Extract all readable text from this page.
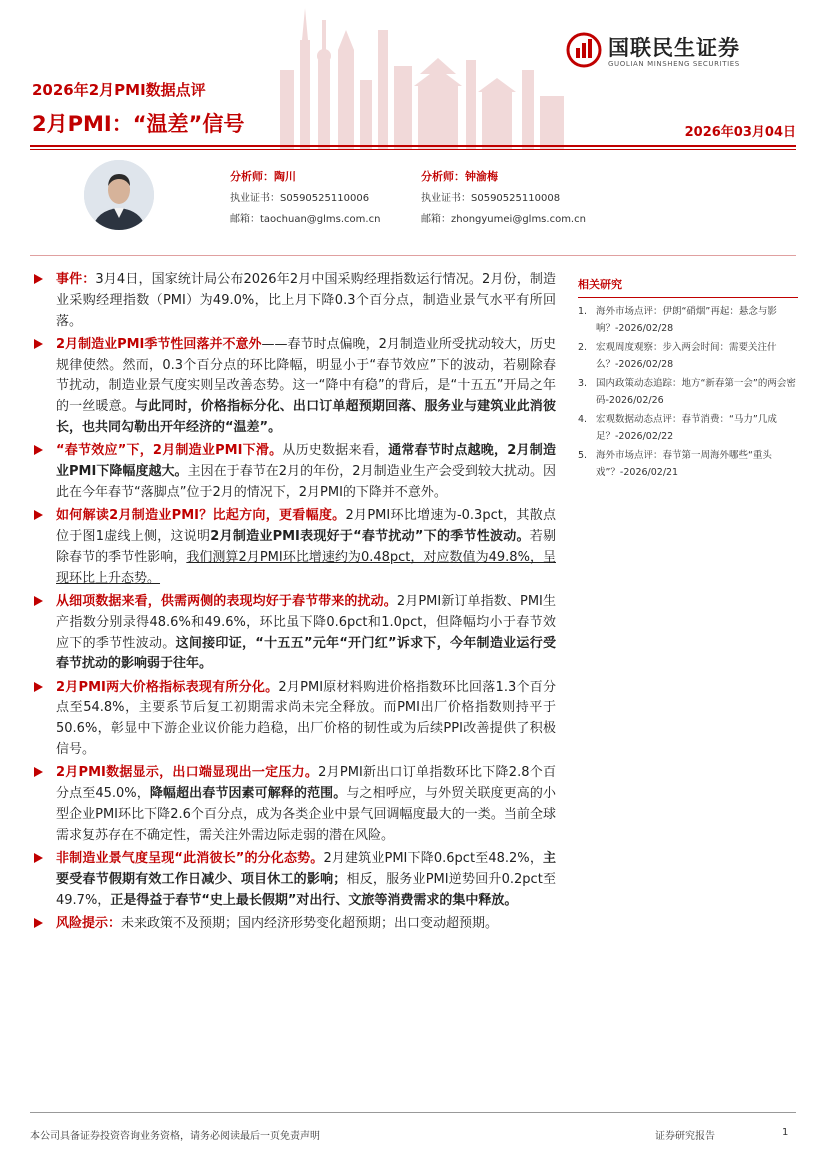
国联民生证券
GUOLIAN MINSHENG SECURITIES
2026年2月PMI数据点评
2月PMI：“温差”信号	2026年03月04日
分析师：陶川
执业证书：S0590525110006
邮箱：taochuan@glms.com.cn
分析师：钟渝梅
执业证书：S0590525110008
邮箱：zhongyumei@glms.com.cn
事件：3月4日，国家统计局公布2026年2月中国采购经理指数运行情况。2月份，制造业采购经理指数（PMI）为49.0%，比上月下降0.3个百分点，制造业景气水平有所回落。
2月制造业PMI季节性回落并不意外——春节时点偏晚，2月制造业所受扰动较大，历史规律使然。然而，0.3个百分点的环比降幅，明显小于“春节效应”下的波动，若剔除春节扰动，制造业景气度实则呈改善态势。这一“降中有稳”的背后，是“十五五”开局之年的一丝暖意。与此同时，价格指标分化、出口订单超预期回落、服务业与建筑业此消彼长，也共同勾勒出开年经济的“温差”。
“春节效应”下，2月制造业PMI下滑。从历史数据来看，通常春节时点越晚，2月制造业PMI下降幅度越大。主因在于春节在2月的年份，2月制造业生产会受到较大扰动。因此在今年春节“落脚点”位于2月的情况下，2月PMI的下降并不意外。
如何解读2月制造业PMI？比起方向，更看幅度。2月PMI环比增速为-0.3pct，其散点位于图1虚线上侧，这说明2月制造业PMI表现好于“春节扰动”下的季节性波动。若剔除春节的季节性影响，我们测算2月PMI环比增速约为0.48pct，对应数值为49.8%，呈现环比上升态势。
从细项数据来看，供需两侧的表现均好于春节带来的扰动。2月PMI新订单指数、PMI生产指数分别录得48.6%和49.6%，环比虽下降0.6pct和1.0pct，但降幅均小于春节效应下的季节性波动。这间接印证，“十五五”元年“开门红”诉求下，今年制造业运行受春节扰动的影响弱于往年。
2月PMI两大价格指标表现有所分化。2月PMI原材料购进价格指数环比回落1.3个百分点至54.8%，主要系节后复工初期需求尚未完全释放。而PMI出厂价格指数则持平于50.6%，彰显中下游企业议价能力趋稳，出厂价格的韧性或为后续PPI改善提供了积极信号。
2月PMI数据显示，出口端显现出一定压力。2月PMI新出口订单指数环比下降2.8个百分点至45.0%，降幅超出春节因素可解释的范围。与之相呼应，与外贸关联度更高的小型企业PMI环比下降2.6个百分点，成为各类企业中景气回调幅度最大的一类。当前全球需求复苏存在不确定性，需关注外需边际走弱的潜在风险。
非制造业景气度呈现“此消彼长”的分化态势。2月建筑业PMI下降0.6pct至48.2%，主要受春节假期有效工作日减少、项目休工的影响；相反，服务业PMI逆势回升0.2pct至49.7%，正是得益于春节“史上最长假期”对出行、文旅等消费需求的集中释放。
风险提示：未来政策不及预期；国内经济形势变化超预期；出口变动超预期。
相关研究
1. 海外市场点评：伊朗“硝烟”再起：悬念与影响？-2026/02/28
2. 宏观周度观察：步入两会时间：需要关注什么？-2026/02/28
3. 国内政策动态追踪：地方“新春第一会”的两会密码-2026/02/26
4. 宏观数据动态点评：春节消费：“马力”几成足？-2026/02/22
5. 海外市场点评：春节第一周海外哪些“重头戏”？-2026/02/21
本公司具备证券投资咨询业务资格，请务必阅读最后一页免责声明	证券研究报告	1
